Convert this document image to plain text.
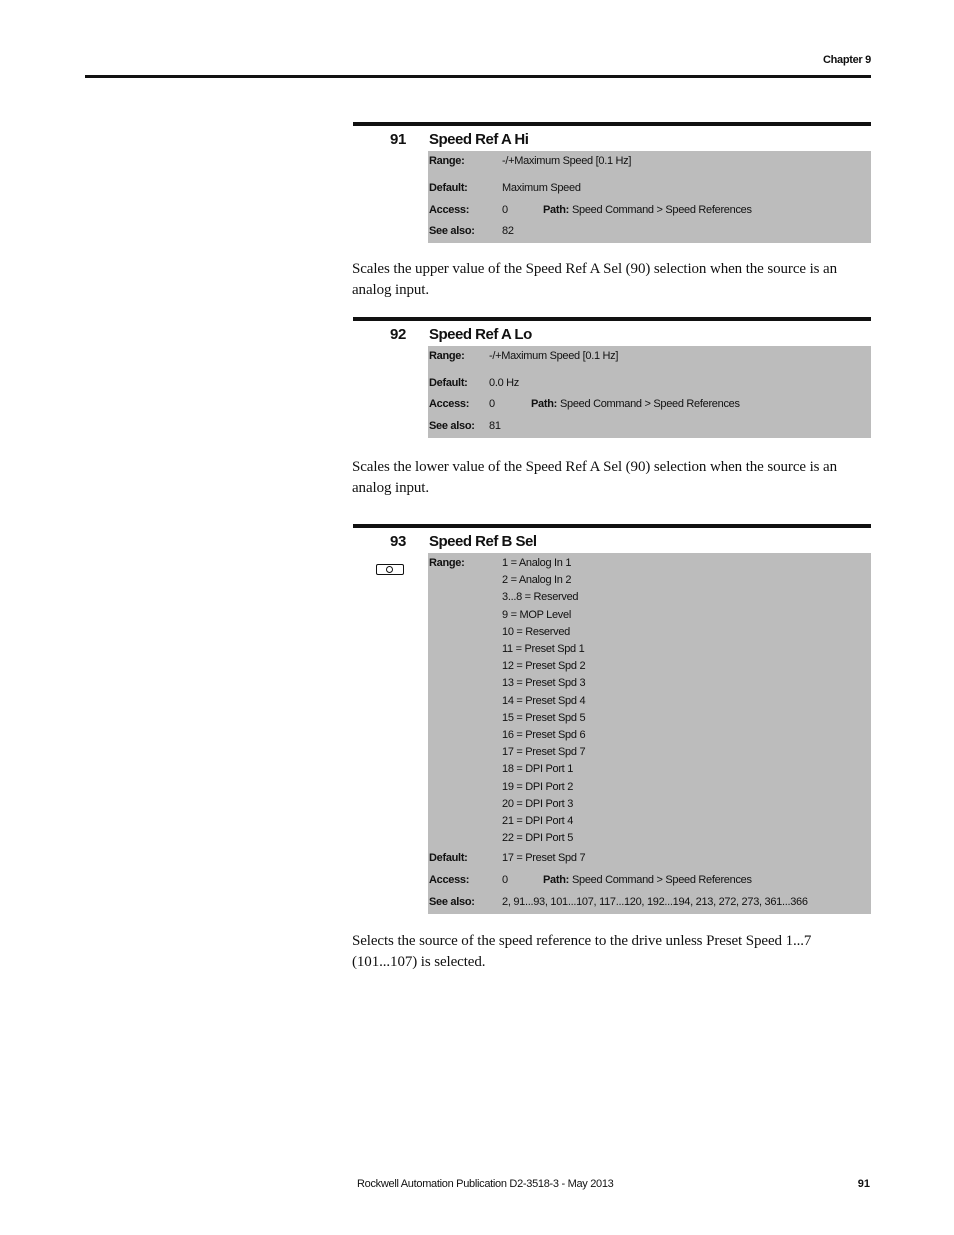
Chapter 9
91 Speed Ref A Hi
Range:	-/+Maximum Speed [0.1 Hz]
Default:	Maximum Speed
Access:	0	Path: Speed Command > Speed References
See also: 82
Scales the upper value of the Speed Ref A Sel (90) selection when the source is an analog input.
92 Speed Ref A Lo
Range: -/+Maximum Speed [0.1 Hz]
Default: 0.0 Hz
Access: 0	Path: Speed Command > Speed References
See also: 81
Scales the lower value of the Speed Ref A Sel (90) selection when the source is an analog input.
93 Speed Ref B Sel
Range:	1 = Analog In 1
2 = Analog In 2
3...8 = Reserved
9 = MOP Level
10 = Reserved
11 = Preset Spd 1
12 = Preset Spd 2
13 = Preset Spd 3
14 = Preset Spd 4
15 = Preset Spd 5
16 = Preset Spd 6
17 = Preset Spd 7
18 = DPI Port 1
19 = DPI Port 2
20 = DPI Port 3
21 = DPI Port 4
22 = DPI Port 5
Default:	17 = Preset Spd 7
Access:	0	Path: Speed Command > Speed References
See also: 2, 91...93, 101...107, 117...120, 192...194, 213, 272, 273, 361...366
Selects the source of the speed reference to the drive unless Preset Speed 1...7 (101...107) is selected.
Rockwell Automation Publication D2-3518-3 - May 2013	91
